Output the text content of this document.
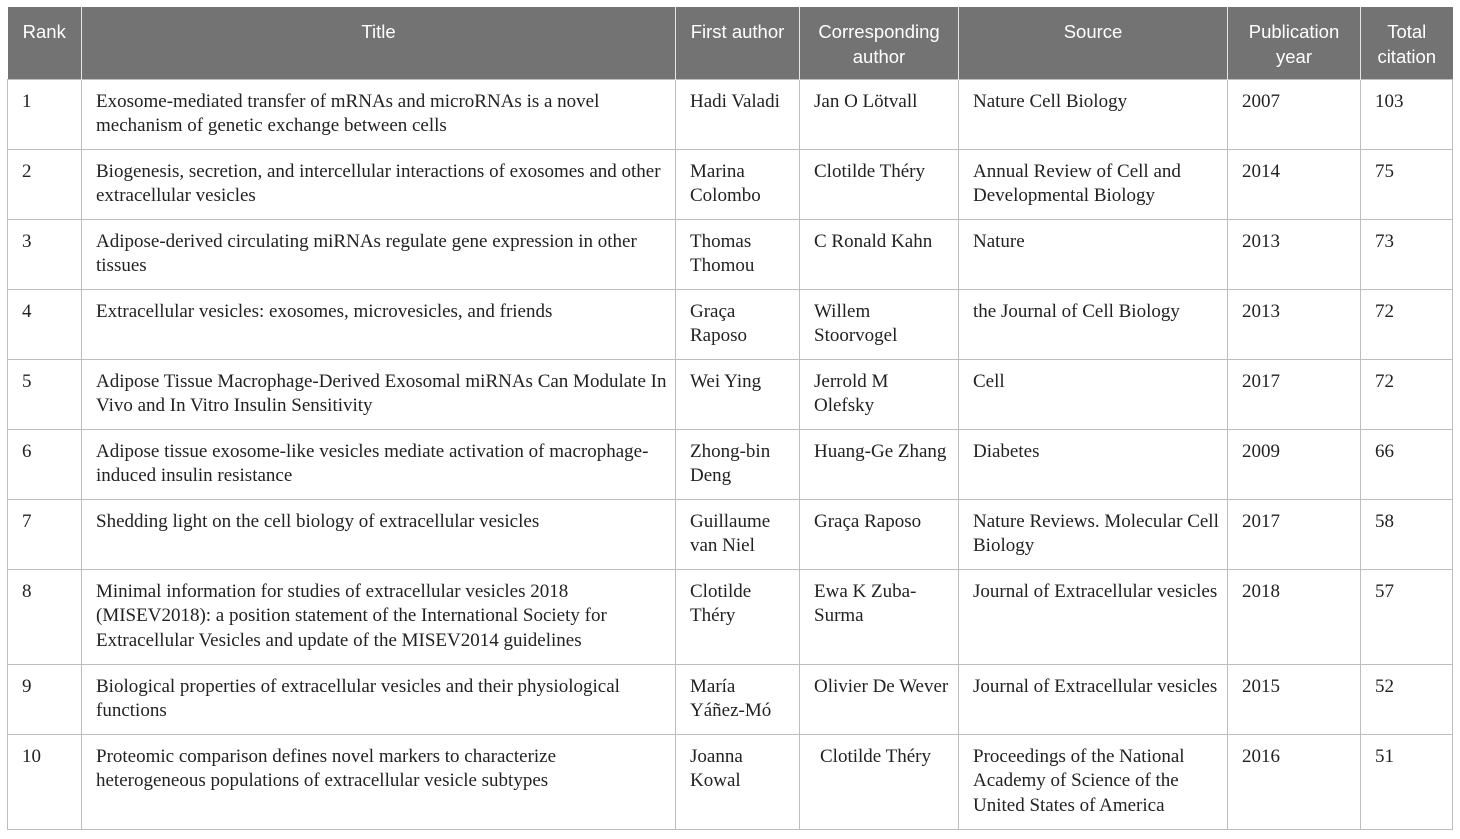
Rank	Title	First author	Corresponding author	Source	Publication year	Total citation
1	Exosome-mediated transfer of mRNAs and microRNAs is a novel mechanism of genetic exchange between cells	Hadi Valadi	Jan O Lötvall	Nature Cell Biology	2007	103
2	Biogenesis, secretion, and intercellular interactions of exosomes and other extracellular vesicles	Marina Colombo	Clotilde Théry	Annual Review of Cell and Developmental Biology	2014	75
3	Adipose-derived circulating miRNAs regulate gene expression in other tissues	Thomas Thomou	C Ronald Kahn	Nature	2013	73
4	Extracellular vesicles: exosomes, microvesicles, and friends	Graça Raposo	Willem Stoorvogel	the Journal of Cell Biology	2013	72
5	Adipose Tissue Macrophage-Derived Exosomal miRNAs Can Modulate In Vivo and In Vitro Insulin Sensitivity	Wei Ying	Jerrold M Olefsky	Cell	2017	72
6	Adipose tissue exosome-like vesicles mediate activation of macrophage-induced insulin resistance	Zhong-bin Deng	Huang-Ge Zhang	Diabetes	2009	66
7	Shedding light on the cell biology of extracellular vesicles	Guillaume van Niel	Graça Raposo	Nature Reviews. Molecular Cell Biology	2017	58
8	Minimal information for studies of extracellular vesicles 2018 (MISEV2018): a position statement of the International Society for Extracellular Vesicles and update of the MISEV2014 guidelines	Clotilde Théry	Ewa K Zuba-Surma	Journal of Extracellular vesicles	2018	57
9	Biological properties of extracellular vesicles and their physiological functions	María Yáñez-Mó	Olivier De Wever	Journal of Extracellular vesicles	2015	52
10	Proteomic comparison defines novel markers to characterize heterogeneous populations of extracellular vesicle subtypes	Joanna Kowal	Clotilde Théry	Proceedings of the National Academy of Science of the United States of America	2016	51
